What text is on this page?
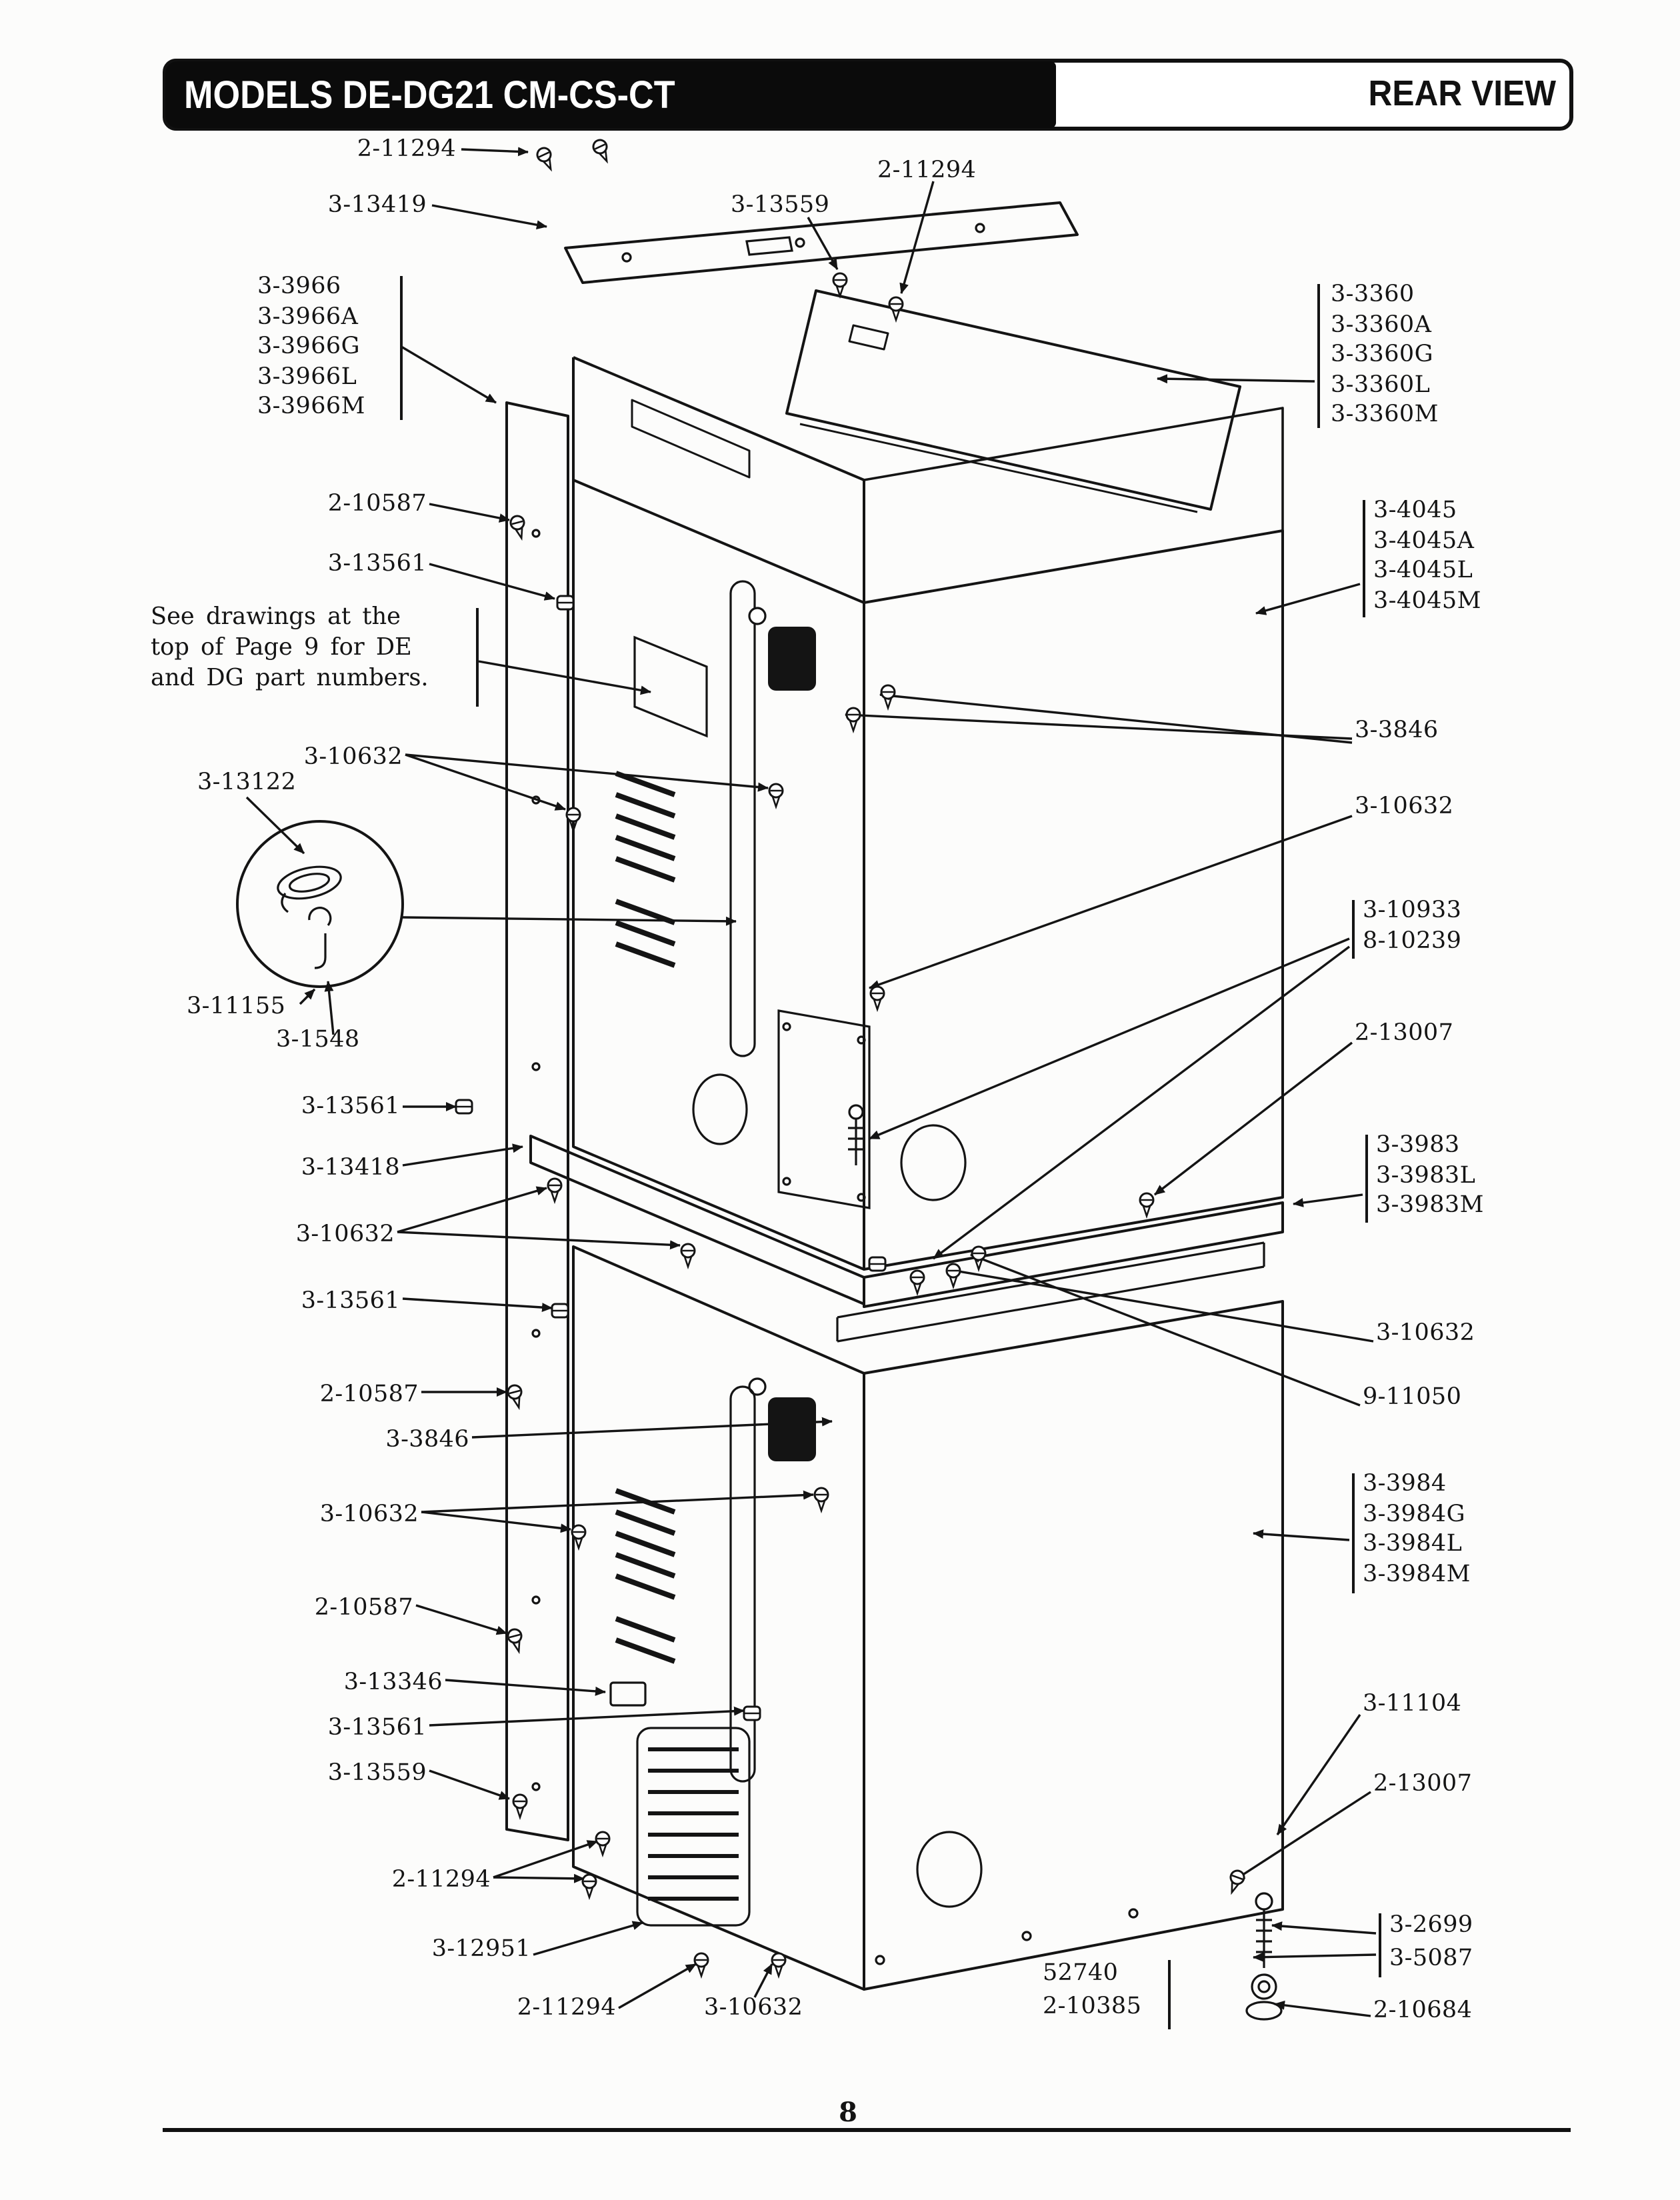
MODELS DE-DG21 CM-CS-CT	REAR VIEW
See drawings at the
top of Page 9 for DE
and DG part numbers.
2-11294
3-13419	3-13559
2-11294
2-10587
3-13561
3-10632
3-13122
3-11155
3-1548
3-13561
3-13418
3-10632
3-13561
2-10587
3-3846
3-10632
2-10587
3-13346
3-13561
3-13559
2-11294
3-12951
2-11294	3-10632
3-3846
3-10632
2-13007
3-10632
9-11050
3-11104
2-13007
2-10684
3-3966
3-3966A
3-3966G
3-3966L
3-3966M
3-3360
3-3360A
3-3360G
3-3360L
3-3360M
3-4045
3-4045A
3-4045L
3-4045M
3-10933
8-10239
3-3983
3-3983L
3-3983M
3-3984
3-3984G
3-3984L
3-3984M
3-2699
3-5087
52740
2-10385
8
